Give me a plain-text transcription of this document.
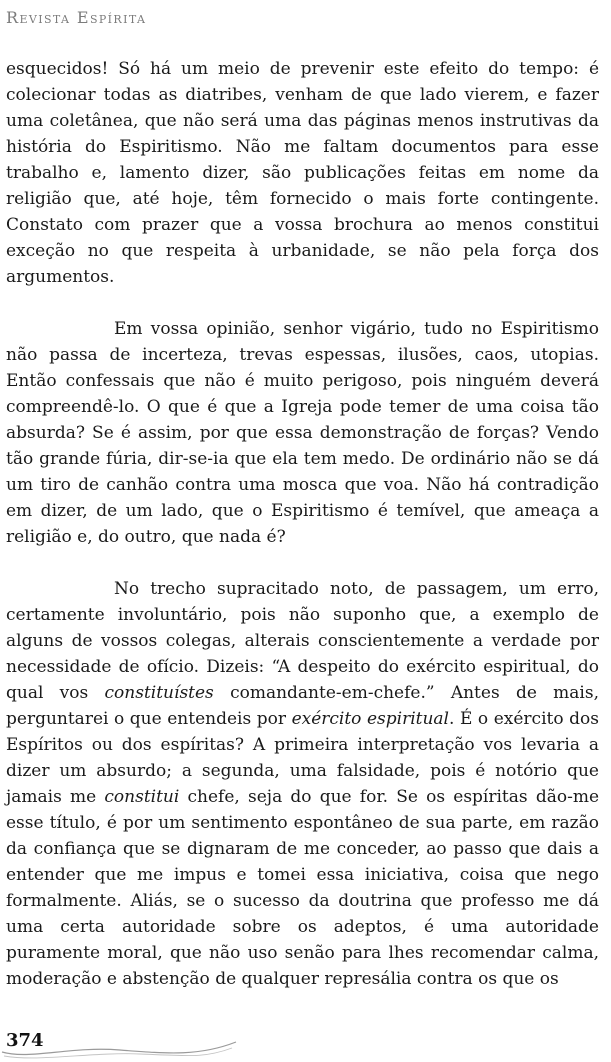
Revista Espírita

esquecidos! Só há um meio de prevenir este efeito do tempo: é colecionar todas as diatribes, venham de que lado vierem, e fazer uma coletânea, que não será uma das páginas menos instrutivas da história do Espiritismo. Não me faltam documentos para esse trabalho e, lamento dizer, são publicações feitas em nome da religião que, até hoje, têm fornecido o mais forte contingente. Constato com prazer que a vossa brochura ao menos constitui exceção no que respeita à urbanidade, se não pela força dos argumentos.

Em vossa opinião, senhor vigário, tudo no Espiritismo não passa de incerteza, trevas espessas, ilusões, caos, utopias. Então confessais que não é muito perigoso, pois ninguém deverá compreendê-lo. O que é que a Igreja pode temer de uma coisa tão absurda? Se é assim, por que essa demonstração de forças? Vendo tão grande fúria, dir-se-ia que ela tem medo. De ordinário não se dá um tiro de canhão contra uma mosca que voa. Não há contradição em dizer, de um lado, que o Espiritismo é temível, que ameaça a religião e, do outro, que nada é?

No trecho supracitado noto, de passagem, um erro, certamente involuntário, pois não suponho que, a exemplo de alguns de vossos colegas, alterais conscientemente a verdade por necessidade de ofício. Dizeis: “A despeito do exército espiritual, do qual vos constituístes comandante-em-chefe.” Antes de mais, perguntarei o que entendeis por exército espiritual. É o exército dos Espíritos ou dos espíritas? A primeira interpretação vos levaria a dizer um absurdo; a segunda, uma falsidade, pois é notório que jamais me constitui chefe, seja do que for. Se os espíritas dão-me esse título, é por um sentimento espontâneo de sua parte, em razão da confiança que se dignaram de me conceder, ao passo que dais a entender que me impus e tomei essa iniciativa, coisa que nego formalmente. Aliás, se o sucesso da doutrina que professo me dá uma certa autoridade sobre os adeptos, é uma autoridade puramente moral, que não uso senão para lhes recomendar calma, moderação e abstenção de qualquer represália contra os que os

374
